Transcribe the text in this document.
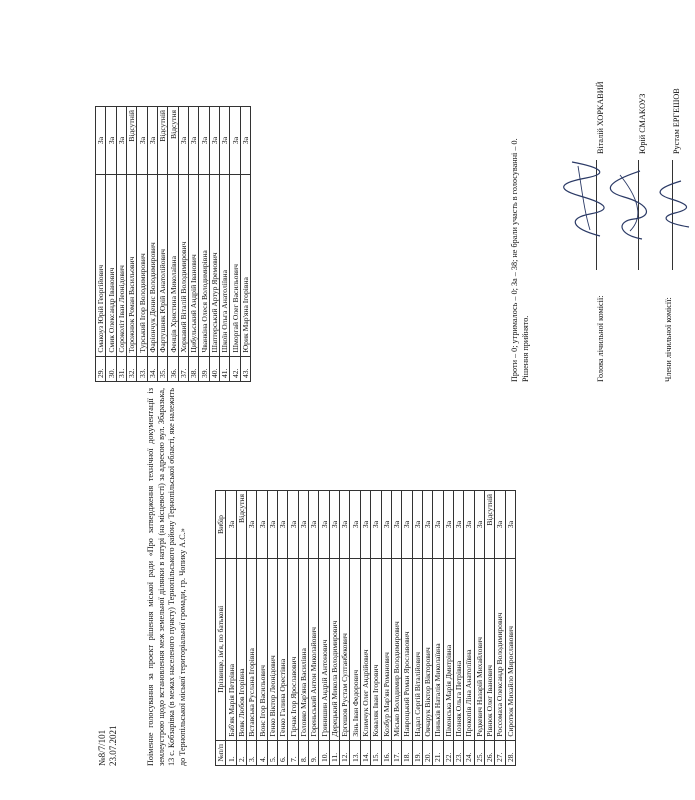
№8/7/101 23.07.2021	Поіменне голосування за проєкт рішення міської ради «Про затвердження технічної документації із землеустрою щодо встановлення меж земельної ділянки в натурі (на місцевості) за адресою вул. Збаразька, 13 с. Кобзарівка (в межах населеного пункту) Тернопільського району Тернопільської області, яке належить до Тернопільської міської територіальної громади, гр. Чопику А.С.»	№п/п	Прізвище, ім'я, по батькові	Вибір
1.	Баб'як Марія Петрівна	За
2.	Вовк Любов Ігорівна	Відсутня
3.	Вставська Руслана Ігорівна	За
4.	Вонс Ігор Васильович	За
5.	Генко Віктор Леонідович	За
6.	Генко Галина Орестівна	За
7.	Гірчак Ігор Ярославович	За
8.	Головко Мар'яна Василівна	За
9.	Гореньський Антон Миколайович	За
10.	Гринишин Андрій Антонович	За
11.	Дерецький Микола Володимирович	За
12.	Ергешов Рустам Султанбекович	За
13.	Зінь Іван Федорович	За
14.	Климчук Олег Андрійович	За
15.	Коваляк Іван Ігорович	За
16.	Козбур Мар'ян Романович	За
17.	Місько Володимир Володимирович	За
18.	Навроцький Роман Ярославович	За
19.	Надал Сергій Віталійович	За
20.	Овчарук Віктор Вікторович	За
21.	Пиньків Наталія Миколаївна	За
22.	Пімонська Марія Дмитрівна	За
23.	Позняк Ольга Петрівна	За
24.	Прокопів Ліна Анатоліївна	За
25.	Редкевич Назарій Михайлович	За
26.	Рівнюк Олег Іванович	Відсутній
27.	Россомаха Олександр Володимирович	За
28.	Сиротюк Михайло Мирославович	За
29.	Смакоуз Юрій Георгійович	За
30.	Смик Олександр Іванович	За
31.	Сороколіт Іван Леонідович	За
32.	Торожнюк Роман Васильович	Відсутній
33.	Турський Ігор Володимирович	За
34.	Фаріончук Денис Володимирович	За
35.	Фартушняк Юрій Анатолійович	Відсутній
36.	Фенців Христина Миколаївна	Відсутня
37.	Хоркавий Віталій Володимирович	За
38.	Цибульський Андрій Іванович	За
39.	Чванкіна Олеся Володимирівна	За
40.	Шаптерський Артур Яремович	За
41.	Шкоїн Ольга Анатоліївна	За
42.	Шморгай Олег Васильович	За
43.	Юрик Мар'яна Ігорівна	За	Проти – 0; утрималось – 0; За – 38; не брали участь в голосуванні – 0. Рішення прийнято.	Голова лічильної комісії:
Віталій ХОРКАВИЙ	Юрій СМАКОУЗ
Члени лічильної комісії:
Рустам ЕРГЕШОВ
